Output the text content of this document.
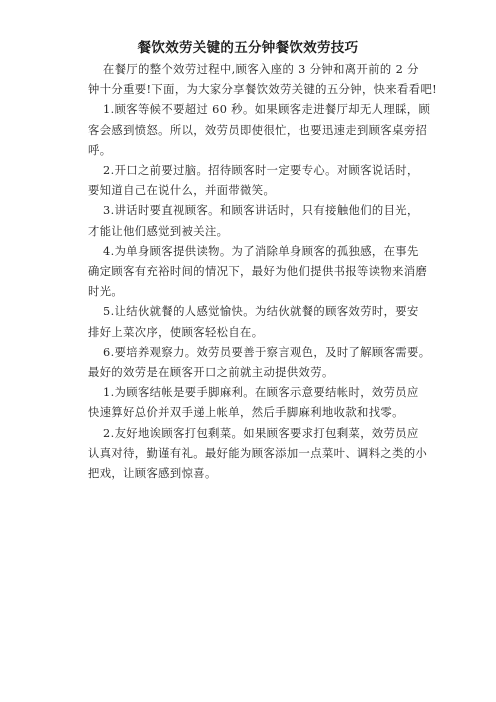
餐饮效劳关键的五分钟餐饮效劳技巧

在餐厅的整个效劳过程中,顾客入座的 3 分钟和离开前的 2 分
钟十分重要!下面，为大家分享餐饮效劳关键的五分钟，快来看看吧!

1.顾客等候不要超过 60 秒。如果顾客走进餐厅却无人理睬，顾
客会感到愤怒。所以，效劳员即使很忙，也要迅速走到顾客桌旁招
呼。

2.开口之前要过脑。招待顾客时一定要专心。对顾客说话时，
要知道自己在说什么，并面带微笑。

3.讲话时要直视顾客。和顾客讲话时，只有接触他们的目光，
才能让他们感觉到被关注。

4.为单身顾客提供读物。为了消除单身顾客的孤独感，在事先
确定顾客有充裕时间的情况下，最好为他们提供书报等读物来消磨
时光。

5.让结伙就餐的人感觉愉快。为结伙就餐的顾客效劳时，要安
排好上菜次序，使顾客轻松自在。

6.要培养观察力。效劳员要善于察言观色，及时了解顾客需要。
最好的效劳是在顾客开口之前就主动提供效劳。

1.为顾客结帐是要手脚麻利。在顾客示意要结帐时，效劳员应
快速算好总价并双手递上帐单，然后手脚麻利地收款和找零。

2.友好地诶顾客打包剩菜。如果顾客要求打包剩菜，效劳员应
认真对待，勤谨有礼。最好能为顾客添加一点菜叶、调料之类的小
把戏，让顾客感到惊喜。
